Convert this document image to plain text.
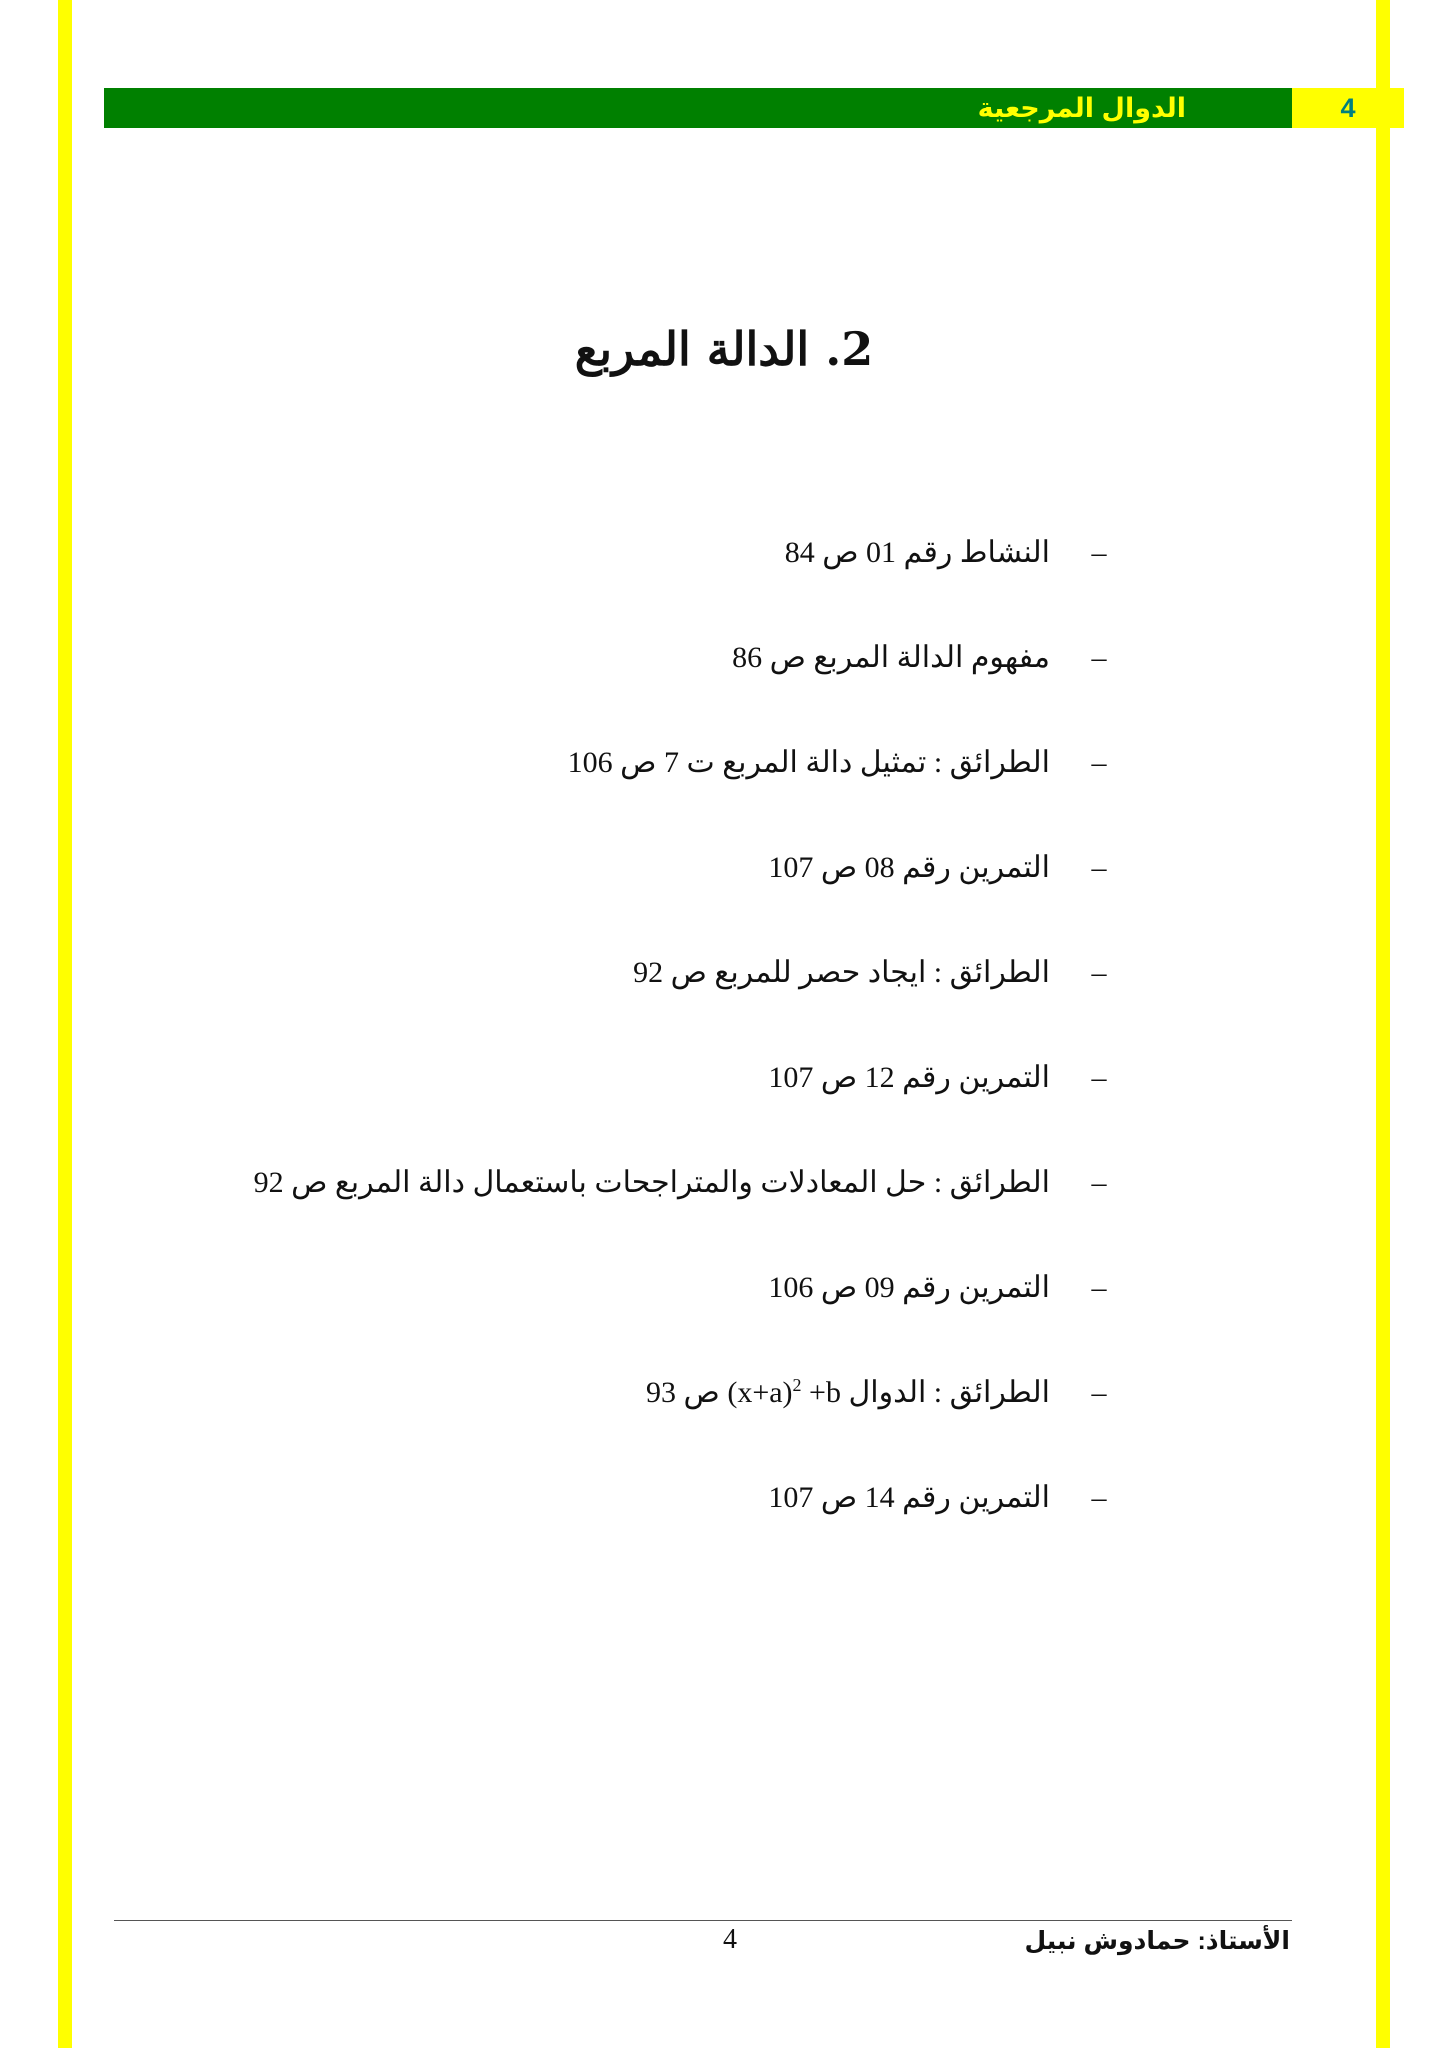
الدوال المرجعية	4
2. الدالة المربع
–
النشاط رقم 01 ص 84
–
مفهوم الدالة المربع ص 86
–
الطرائق : تمثيل دالة المربع ت 7 ص 106
–
التمرين رقم 08 ص 107
–
الطرائق : ايجاد حصر للمربع ص 92
–
التمرين رقم 12 ص 107
–
الطرائق : حل المعادلات والمتراجحات باستعمال دالة المربع ص 92
–
التمرين رقم 09 ص 106
–
الطرائق : الدوال $(x+a)^2 +b$ ص 93
–
التمرين رقم 14 ص 107
4	الأستاذ: حمادوش نبيل
